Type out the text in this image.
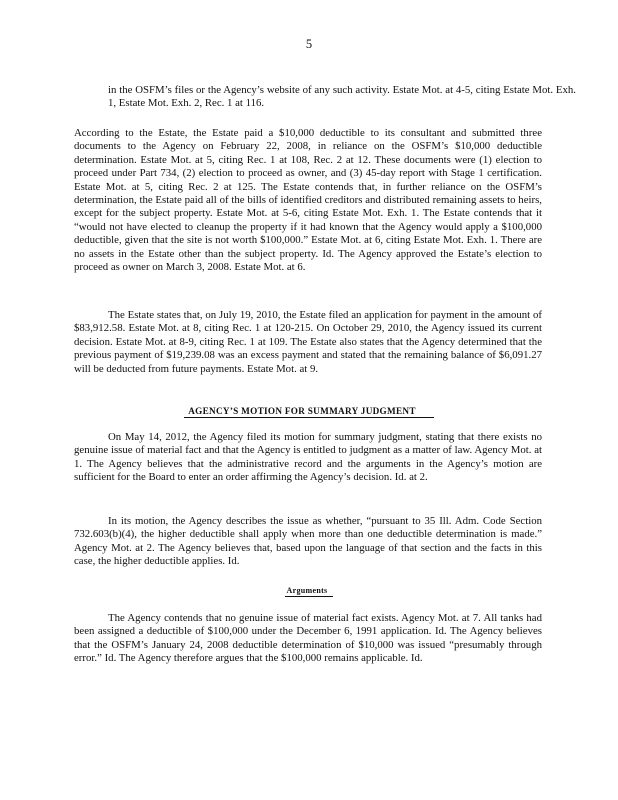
5

in the OSFM’s files or the Agency’s website of any such activity. Estate Mot. at 4-5, citing Estate Mot. Exh. 1, Estate Mot. Exh. 2, Rec. 1 at 116.

According to the Estate, the Estate paid a $10,000 deductible to its consultant and submitted three documents to the Agency on February 22, 2008, in reliance on the OSFM’s $10,000 deductible determination. Estate Mot. at 5, citing Rec. 1 at 108, Rec. 2 at 12. These documents were (1) election to proceed under Part 734, (2) election to proceed as owner, and (3) 45-day report with Stage 1 certification. Estate Mot. at 5, citing Rec. 2 at 125. The Estate contends that, in further reliance on the OSFM’s determination, the Estate paid all of the bills of identified creditors and distributed remaining assets to heirs, except for the subject property. Estate Mot. at 5-6, citing Estate Mot. Exh. 1. The Estate contends that it “would not have elected to cleanup the property if it had known that the Agency would apply a $100,000 deductible, given that the site is not worth $100,000.” Estate Mot. at 6, citing Estate Mot. Exh. 1. There are no assets in the Estate other than the subject property. Id. The Agency approved the Estate’s election to proceed as owner on March 3, 2008. Estate Mot. at 6.

The Estate states that, on July 19, 2010, the Estate filed an application for payment in the amount of $83,912.58. Estate Mot. at 8, citing Rec. 1 at 120-215. On October 29, 2010, the Agency issued its current decision. Estate Mot. at 8-9, citing Rec. 1 at 109. The Estate also states that the Agency determined that the previous payment of $19,239.08 was an excess payment and stated that the remaining balance of $6,091.27 will be deducted from future payments. Estate Mot. at 9.

AGENCY’S MOTION FOR SUMMARY JUDGMENT

On May 14, 2012, the Agency filed its motion for summary judgment, stating that there exists no genuine issue of material fact and that the Agency is entitled to judgment as a matter of law. Agency Mot. at 1. The Agency believes that the administrative record and the arguments in the Agency’s motion are sufficient for the Board to enter an order affirming the Agency’s decision. Id. at 2.

In its motion, the Agency describes the issue as whether, “pursuant to 35 Ill. Adm. Code Section 732.603(b)(4), the higher deductible shall apply when more than one deductible determination is made.” Agency Mot. at 2. The Agency believes that, based upon the language of that section and the facts in this case, the higher deductible applies. Id.

Arguments

The Agency contends that no genuine issue of material fact exists. Agency Mot. at 7. All tanks had been assigned a deductible of $100,000 under the December 6, 1991 application. Id. The Agency believes that the OSFM’s January 24, 2008 deductible determination of $10,000 was issued “presumably through error.” Id. The Agency therefore argues that the $100,000 remains applicable. Id.
